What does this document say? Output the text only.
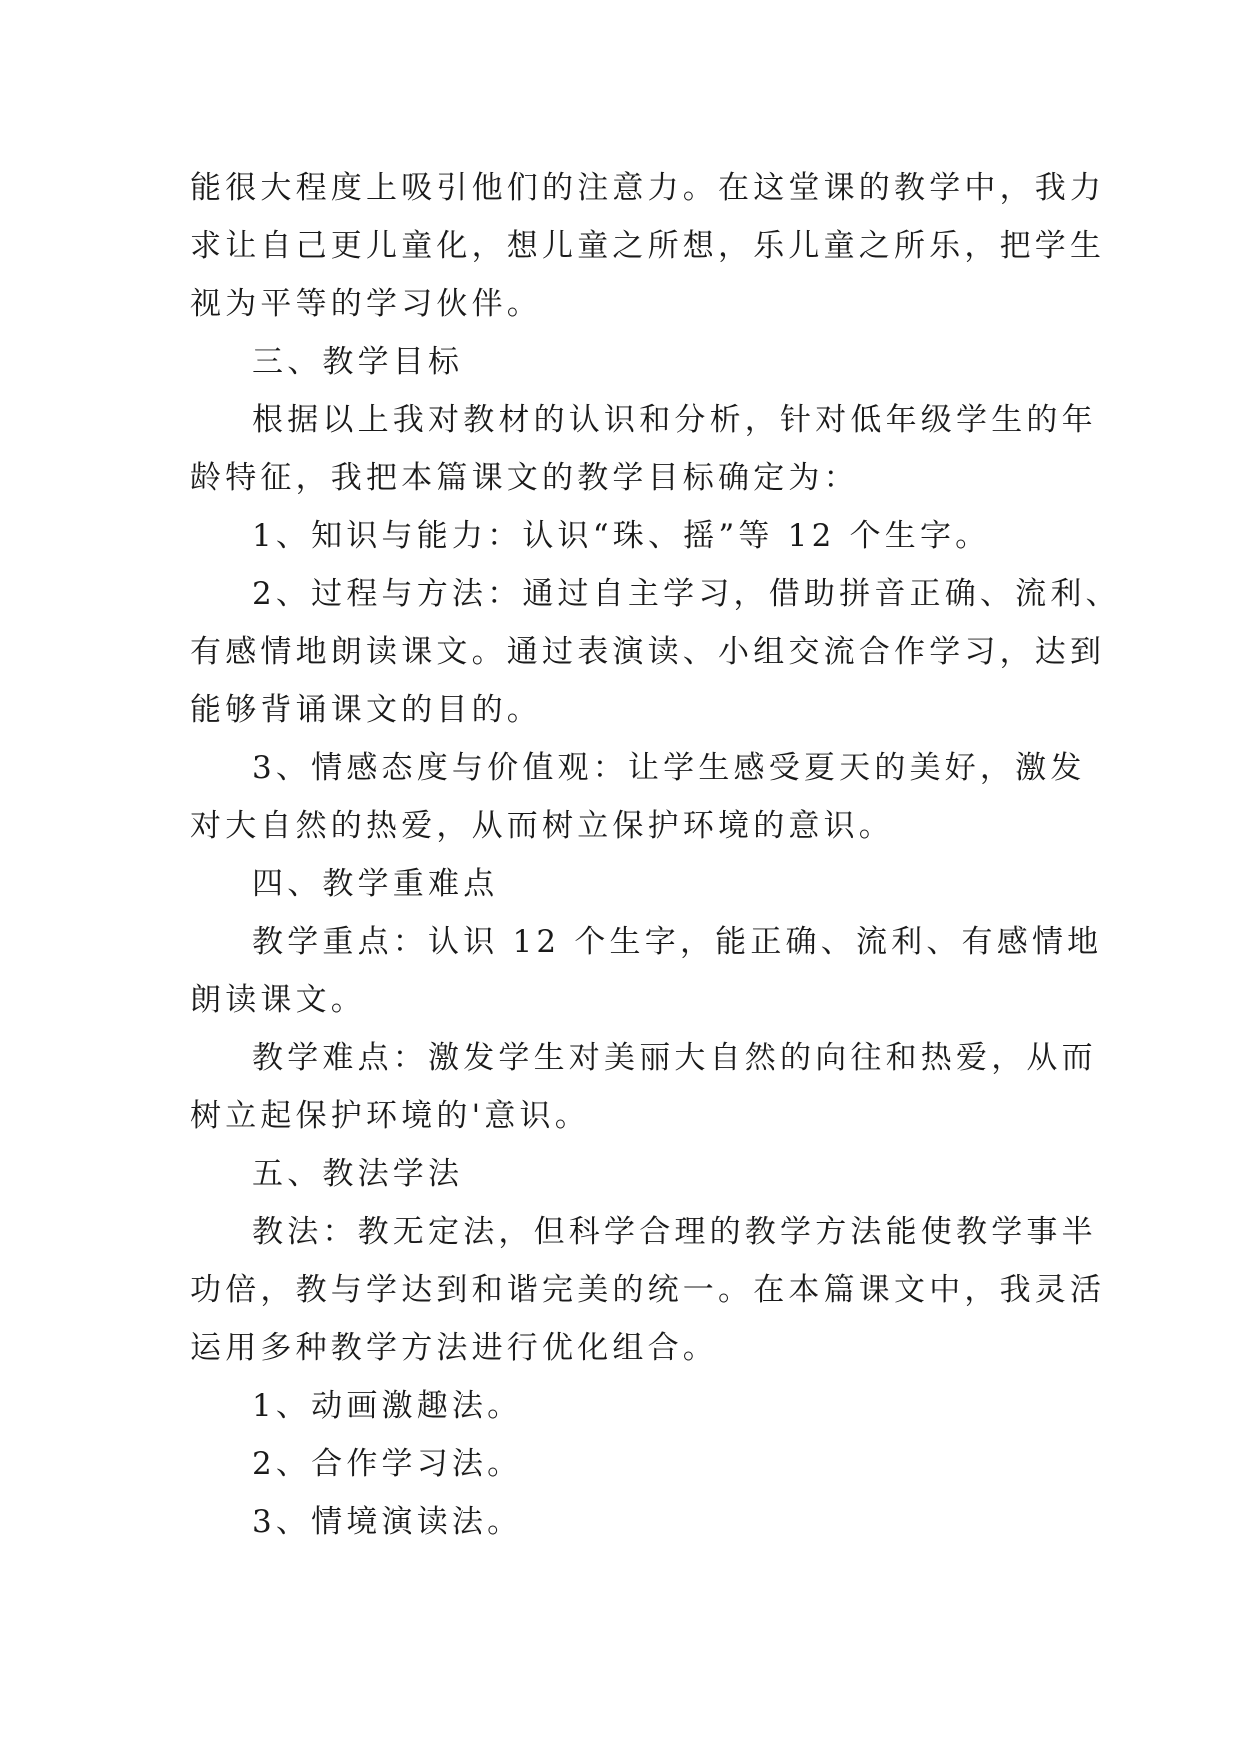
能很大程度上吸引他们的注意力。在这堂课的教学中，我力
求让自己更儿童化，想儿童之所想，乐儿童之所乐，把学生
视为平等的学习伙伴。
三、教学目标
根据以上我对教材的认识和分析，针对低年级学生的年
龄特征，我把本篇课文的教学目标确定为：
1、知识与能力：认识“珠、摇”等 12 个生字。
2、过程与方法：通过自主学习，借助拼音正确、流利、
有感情地朗读课文。通过表演读、小组交流合作学习，达到
能够背诵课文的目的。
3、情感态度与价值观：让学生感受夏天的美好，激发
对大自然的热爱，从而树立保护环境的意识。
四、教学重难点
教学重点：认识 12 个生字，能正确、流利、有感情地
朗读课文。
教学难点：激发学生对美丽大自然的向往和热爱，从而
树立起保护环境的'意识。
五、教法学法
教法：教无定法，但科学合理的教学方法能使教学事半
功倍，教与学达到和谐完美的统一。在本篇课文中，我灵活
运用多种教学方法进行优化组合。
1、动画激趣法。
2、合作学习法。
3、情境演读法。
